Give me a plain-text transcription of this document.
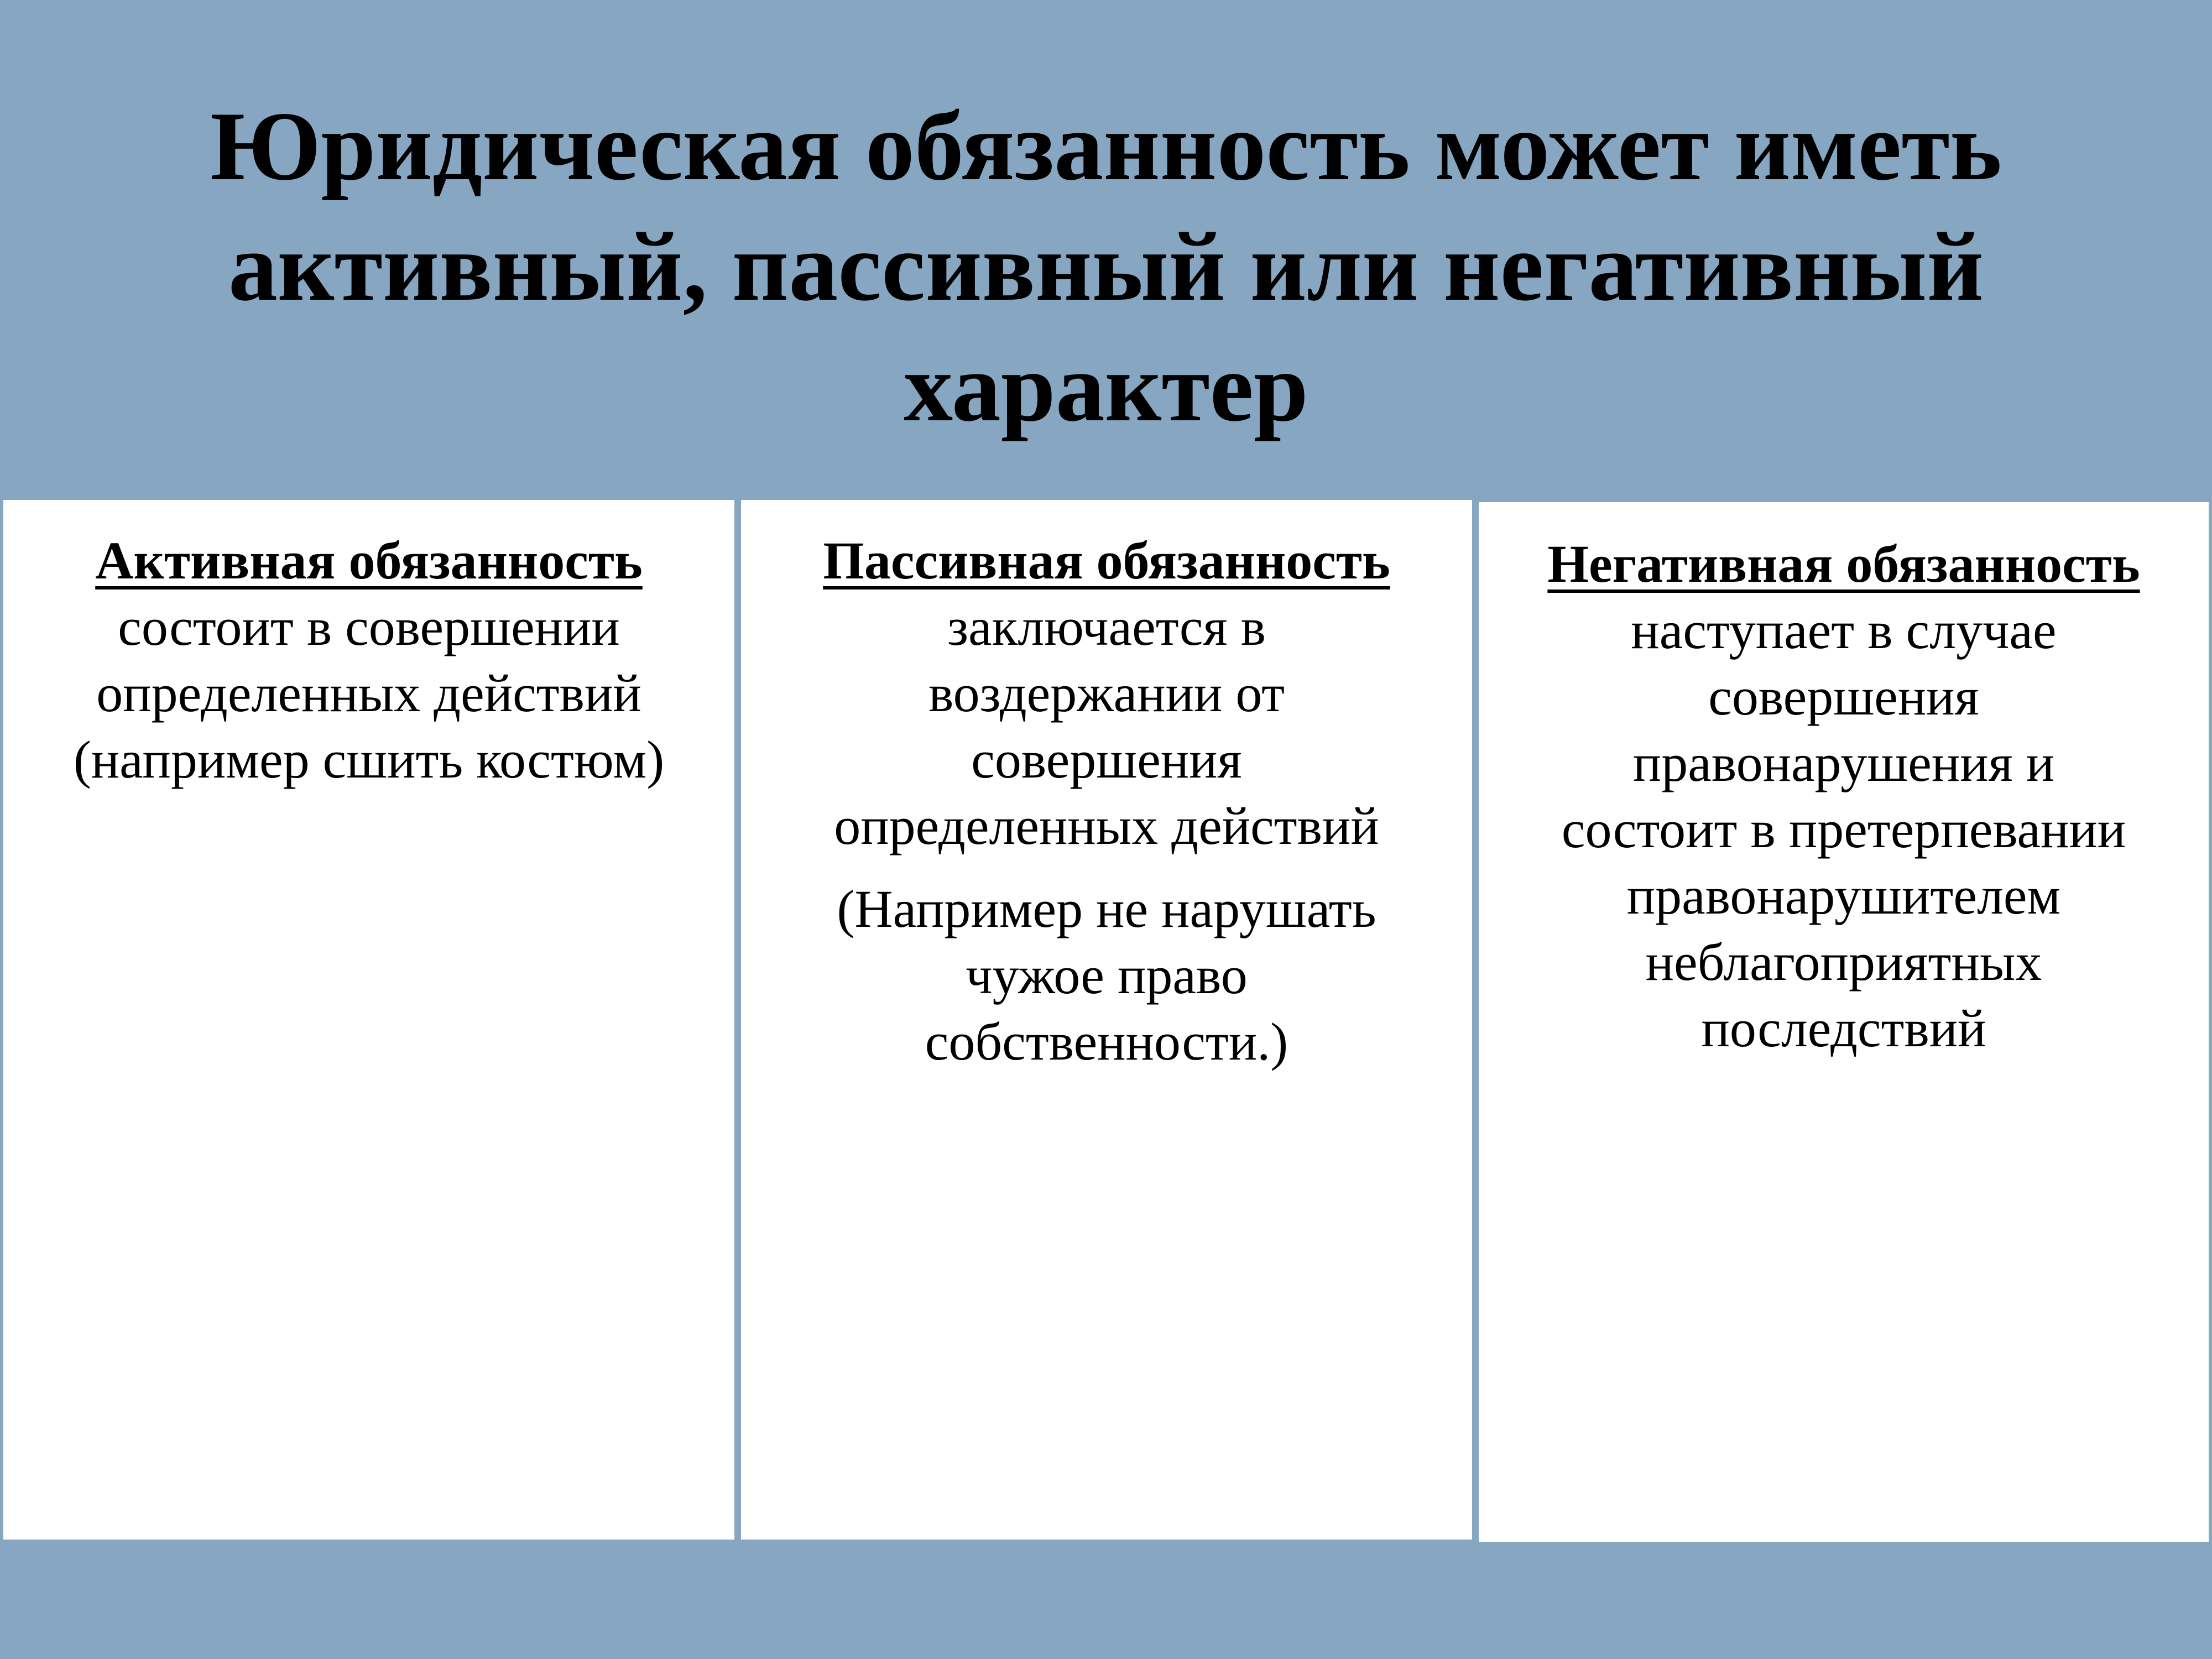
Юридическая обязанность может иметь
активный, пассивный или негативный
характер
Активная обязанность
состоит в совершении
определенных действий
(например сшить костюм)
Пассивная обязанность
заключается в
воздержании от
совершения
определенных действий
(Например не нарушать
чужое право
собственности.)
Негативная обязанность
наступает в случае
совершения
правонарушения и
состоит в претерпевании
правонарушителем
неблагоприятных
последствий
